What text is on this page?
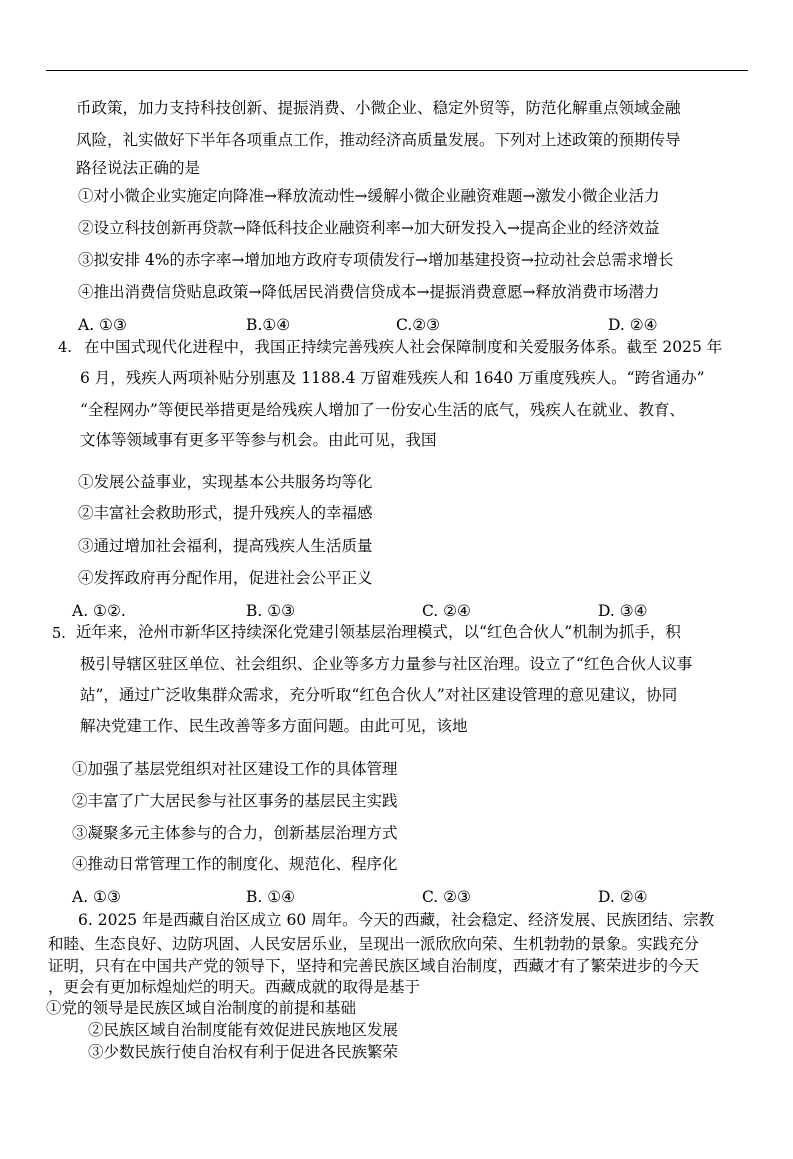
币政策，加力支持科技创新、提振消费、小微企业、稳定外贸等，防范化解重点领域金融
风险，礼实做好下半年各项重点工作，推动经济高质量发展。下列对上述政策的预期传导
路径说法正确的是
①对小微企业实施定向降准→释放流动性→缓解小微企业融资难题→激发小微企业活力
②设立科技创新再贷款→降低科技企业融资利率→加大研发投入→提高企业的经济效益
③拟安排 4%的赤字率→增加地方政府专项债发行→增加基建投资→拉动社会总需求增长
④推出消费信贷贴息政策→降低居民消费信贷成本→提振消费意愿→释放消费市场潜力
A. ①③	B.①④	C.②③	D. ②④
4. 在中国式现代化进程中，我国正持续完善残疾人社会保障制度和关爱服务体系。截至 2025 年
6 月，残疾人两项补贴分别惠及 1188.4 万留难残疾人和 1640 万重度残疾人。“跨省通办”
“全程网办”等便民举措更是给残疾人增加了一份安心生活的底气，残疾人在就业、教育、
文体等领域事有更多平等参与机会。由此可见，我国
①发展公益事业，实现基本公共服务均等化
②丰富社会救助形式，提升残疾人的幸福感
③通过增加社会福利，提高残疾人生活质量
④发挥政府再分配作用，促进社会公平正义
A. ①②.	B. ①③	C. ②④	D. ③④
5. 近年来，沧州市新华区持续深化党建引领基层治理模式，以“红色合伙人”机制为抓手，积
极引导辖区驻区单位、社会组织、企业等多方力量参与社区治理。设立了“红色合伙人议事
站”，通过广泛收集群众需求，充分听取“红色合伙人”对社区建设管理的意见建议，协同
解决党建工作、民生改善等多方面问题。由此可见，该地
①加强了基层党组织对社区建设工作的具体管理
②丰富了广大居民参与社区事务的基层民主实践
③凝聚多元主体参与的合力，创新基层治理方式
④推动日常管理工作的制度化、规范化、程序化
A. ①③	B. ①④	C. ②③	D. ②④
6. 2025 年是西藏自治区成立 60 周年。今天的西藏，社会稳定、经济发展、民族团结、宗教
和睦、生态良好、边防巩固、人民安居乐业，呈现出一派欣欣向荣、生机勃勃的景象。实践充分
证明，只有在中国共产党的领导下，坚持和完善民族区域自治制度，西藏才有了繁荣进步的今天
，更会有更加标煌灿烂的明天。西藏成就的取得是基于
①党的领导是民族区域自治制度的前提和基础
②民族区域自治制度能有效促进民族地区发展
③少数民族行使自治权有利于促进各民族繁荣
